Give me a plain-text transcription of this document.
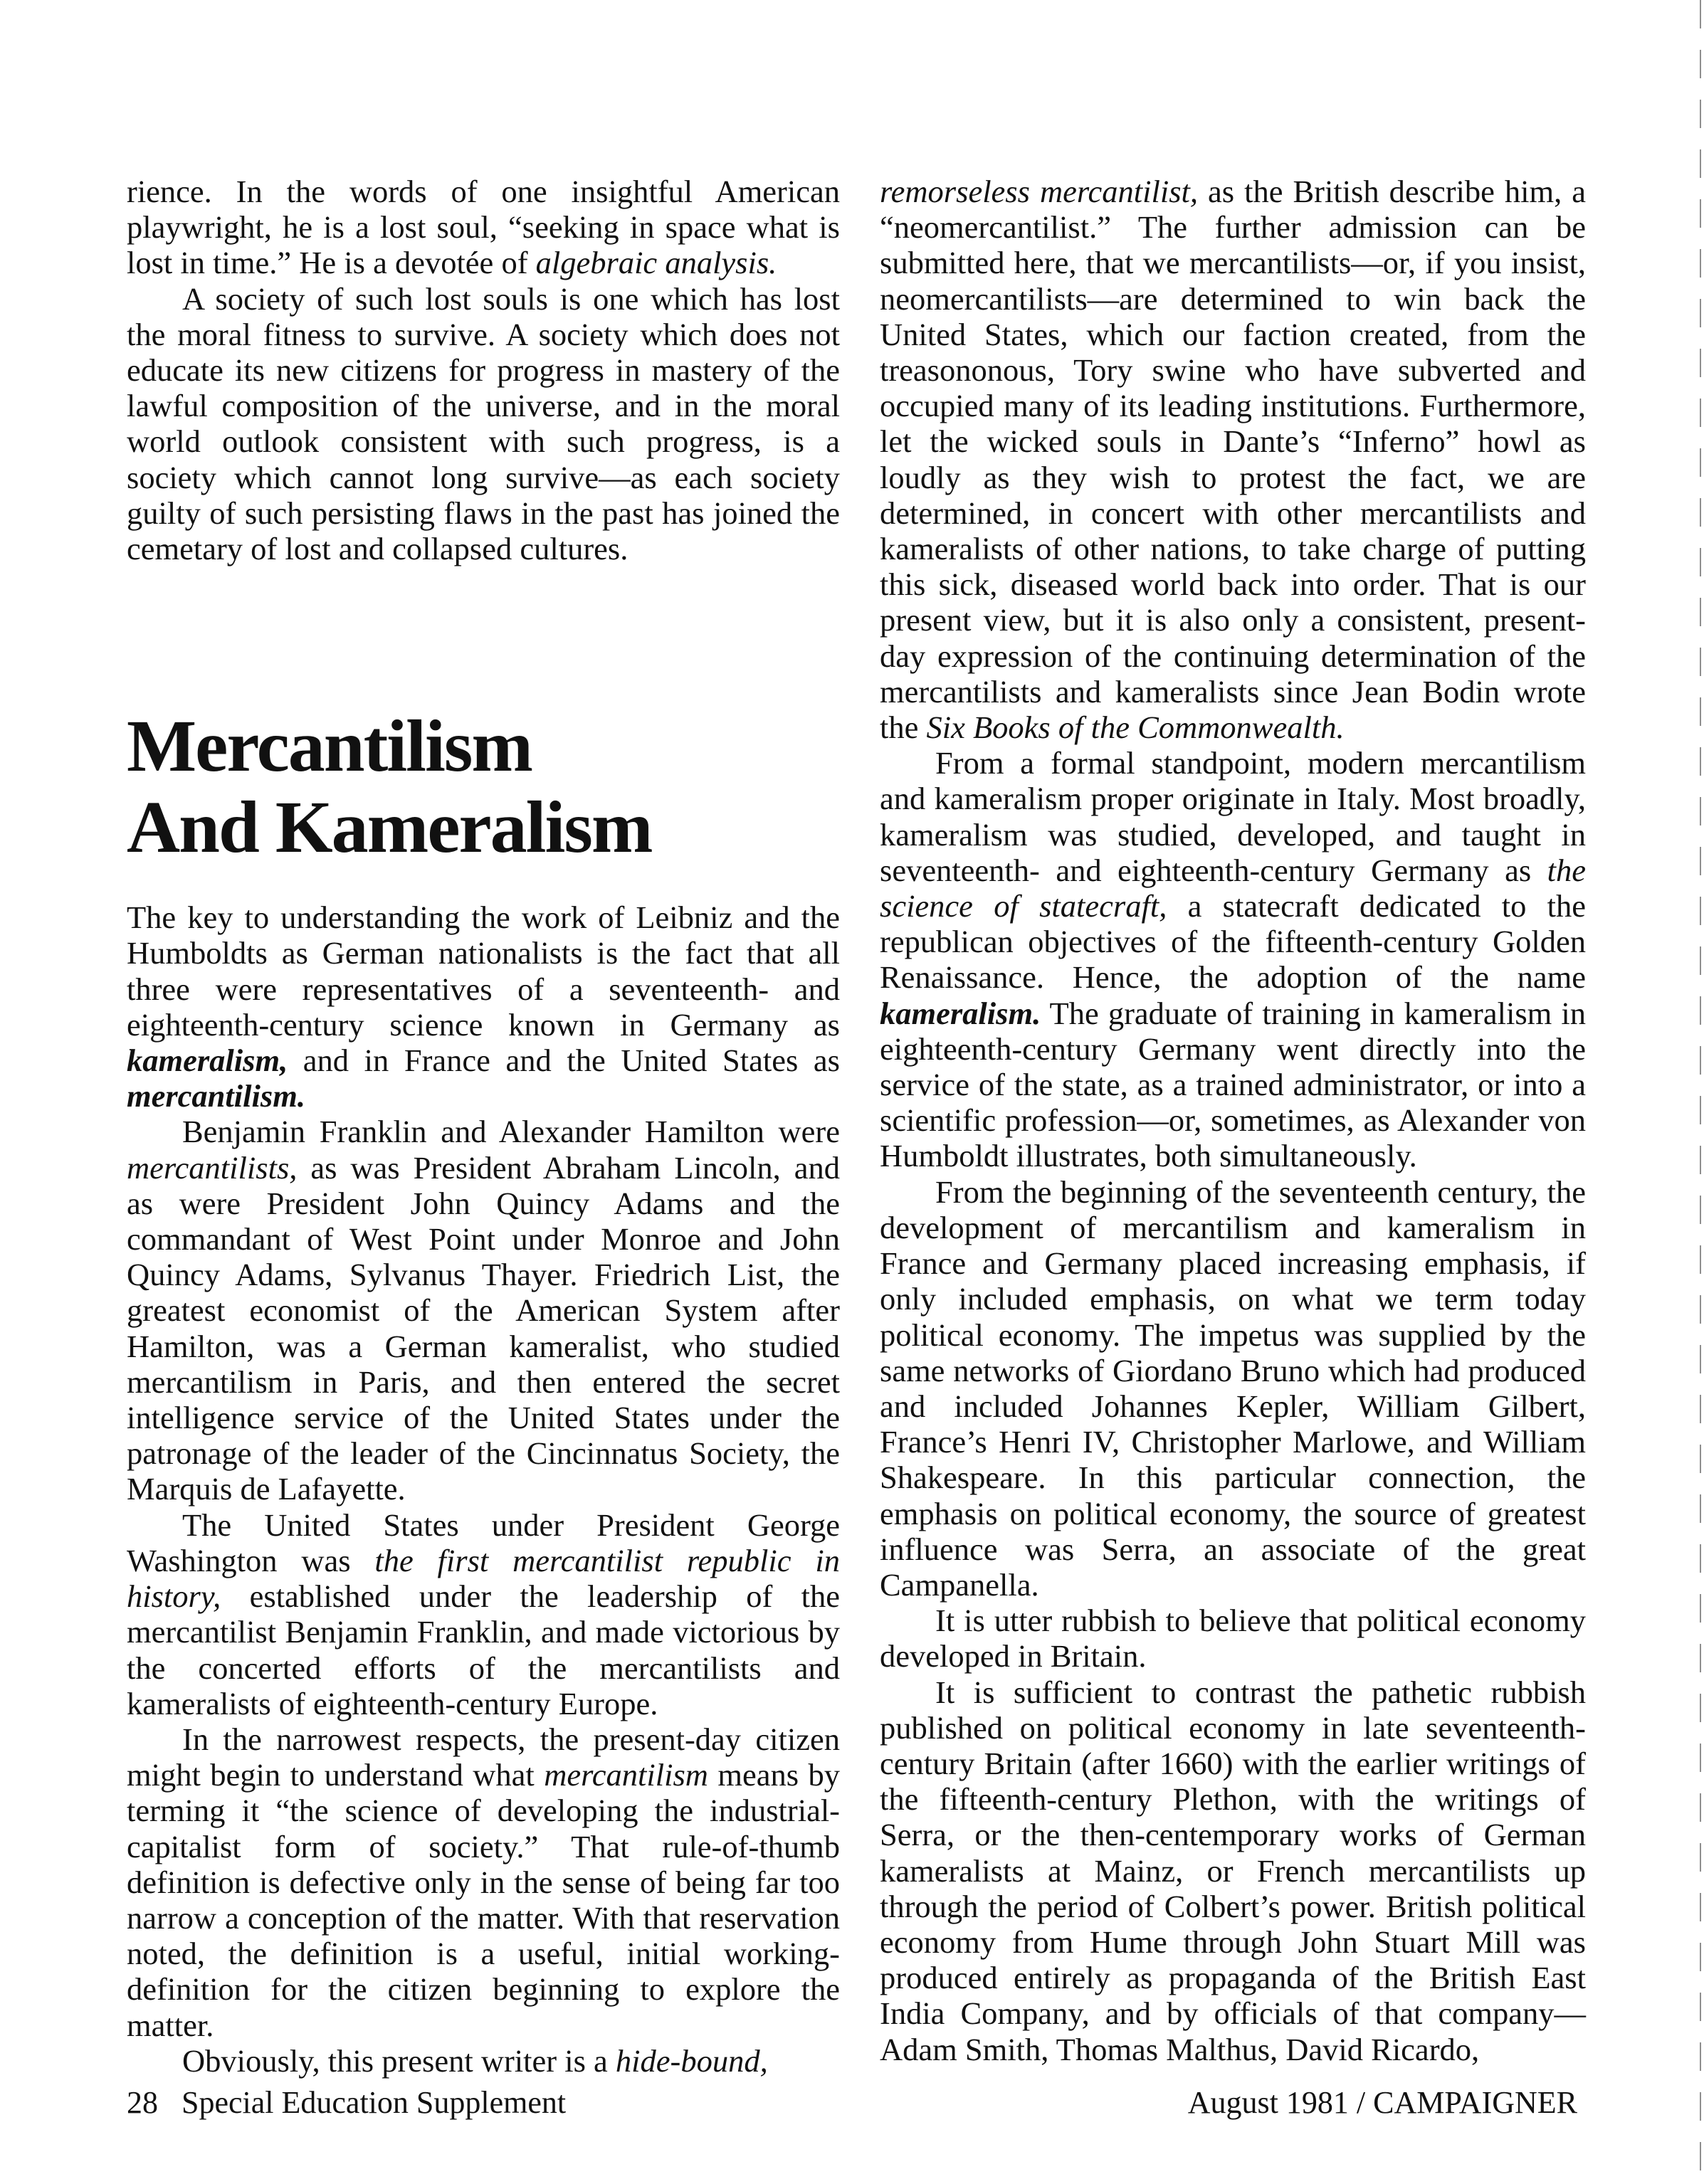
rience. In the words of one insightful American playwright, he is a lost soul, “seeking in space what is lost in time.” He is a devotée of algebraic analysis.

A society of such lost souls is one which has lost the moral fitness to survive. A society which does not educate its new citizens for progress in mastery of the lawful composition of the universe, and in the moral world outlook consistent with such progress, is a society which cannot long survive—as each society guilty of such persisting flaws in the past has joined the cemetary of lost and collapsed cultures.

Mercantilism
And Kameralism

The key to understanding the work of Leibniz and the Humboldts as German nationalists is the fact that all three were representatives of a seventeenth- and eighteenth-century science known in Germany as kameralism, and in France and the United States as mercantilism.

Benjamin Franklin and Alexander Hamilton were mercantilists, as was President Abraham Lincoln, and as were President John Quincy Adams and the commandant of West Point under Monroe and John Quincy Adams, Sylvanus Thayer. Friedrich List, the greatest economist of the American System after Hamilton, was a German kameralist, who studied mercantilism in Paris, and then entered the secret intelligence service of the United States under the patronage of the leader of the Cincinnatus Society, the Marquis de Lafayette.

The United States under President George Washington was the first mercantilist republic in history, established under the leadership of the mercantilist Benjamin Franklin, and made victorious by the concerted efforts of the mercantilists and kameralists of eighteenth-century Europe.

In the narrowest respects, the present-day citizen might begin to understand what mercantilism means by terming it “the science of developing the industrial-capitalist form of society.” That rule-of-thumb definition is defective only in the sense of being far too narrow a conception of the matter. With that reservation noted, the definition is a useful, initial working-definition for the citizen beginning to explore the matter.

Obviously, this present writer is a hide-bound,

remorseless mercantilist, as the British describe him, a “neomercantilist.” The further admission can be submitted here, that we mercantilists—or, if you insist, neomercantilists—are determined to win back the United States, which our faction created, from the treasononous, Tory swine who have subverted and occupied many of its leading institutions. Furthermore, let the wicked souls in Dante’s “Inferno” howl as loudly as they wish to protest the fact, we are determined, in concert with other mercantilists and kameralists of other nations, to take charge of putting this sick, diseased world back into order. That is our present view, but it is also only a consistent, present-day expression of the continuing determination of the mercantilists and kameralists since Jean Bodin wrote the Six Books of the Commonwealth.

From a formal standpoint, modern mercantilism and kameralism proper originate in Italy. Most broadly, kameralism was studied, developed, and taught in seventeenth- and eighteenth-century Germany as the science of statecraft, a statecraft dedicated to the republican objectives of the fifteenth-century Golden Renaissance. Hence, the adoption of the name kameralism. The graduate of training in kameralism in eighteenth-century Germany went directly into the service of the state, as a trained administrator, or into a scientific profession—or, sometimes, as Alexander von Humboldt illustrates, both simultaneously.

From the beginning of the seventeenth century, the development of mercantilism and kameralism in France and Germany placed increasing emphasis, if only included emphasis, on what we term today political economy. The impetus was supplied by the same networks of Giordano Bruno which had produced and included Johannes Kepler, William Gilbert, France’s Henri IV, Christopher Marlowe, and William Shakespeare. In this particular connection, the emphasis on political economy, the source of greatest influence was Serra, an associate of the great Campanella.

It is utter rubbish to believe that political economy developed in Britain.

It is sufficient to contrast the pathetic rubbish published on political economy in late seventeenth-century Britain (after 1660) with the earlier writings of the fifteenth-century Plethon, with the writings of Serra, or the then-centemporary works of German kameralists at Mainz, or French mercantilists up through the period of Colbert’s power. British political economy from Hume through John Stuart Mill was produced entirely as propaganda of the British East India Company, and by officials of that company—Adam Smith, Thomas Malthus, David Ricardo,

28   Special Education Supplement	August 1981 / CAMPAIGNER
